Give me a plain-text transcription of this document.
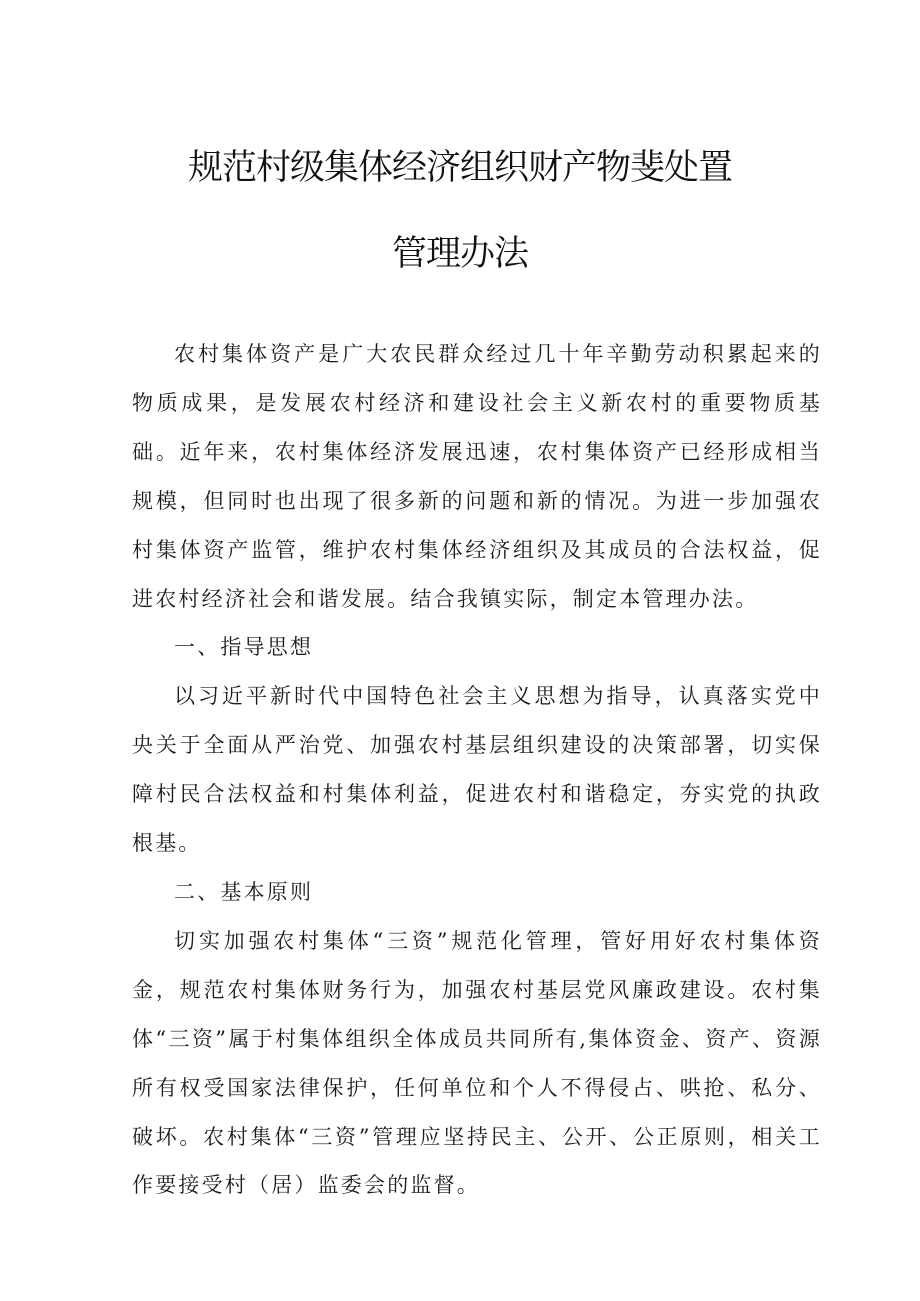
规范村级集体经济组织财产物斐处置
管理办法

农村集体资产是广大农民群众经过几十年辛勤劳动积累起来的物质成果，是发展农村经济和建设社会主义新农村的重要物质基础。近年来，农村集体经济发展迅速，农村集体资产已经形成相当规模，但同时也出现了很多新的问题和新的情况。为进一步加强农村集体资产监管，维护农村集体经济组织及其成员的合法权益，促进农村经济社会和谐发展。结合我镇实际，制定本管理办法。

一、指导思想

以习近平新时代中国特色社会主义思想为指导，认真落实党中央关于全面从严治党、加强农村基层组织建设的决策部署，切实保障村民合法权益和村集体利益，促进农村和谐稳定，夯实党的执政根基。

二、基本原则

切实加强农村集体“三资”规范化管理，管好用好农村集体资金，规范农村集体财务行为，加强农村基层党风廉政建设。农村集体“三资”属于村集体组织全体成员共同所有,集体资金、资产、资源所有权受国家法律保护，任何单位和个人不得侵占、哄抢、私分、破坏。农村集体“三资”管理应坚持民主、公开、公正原则，相关工作要接受村（居）监委会的监督。
